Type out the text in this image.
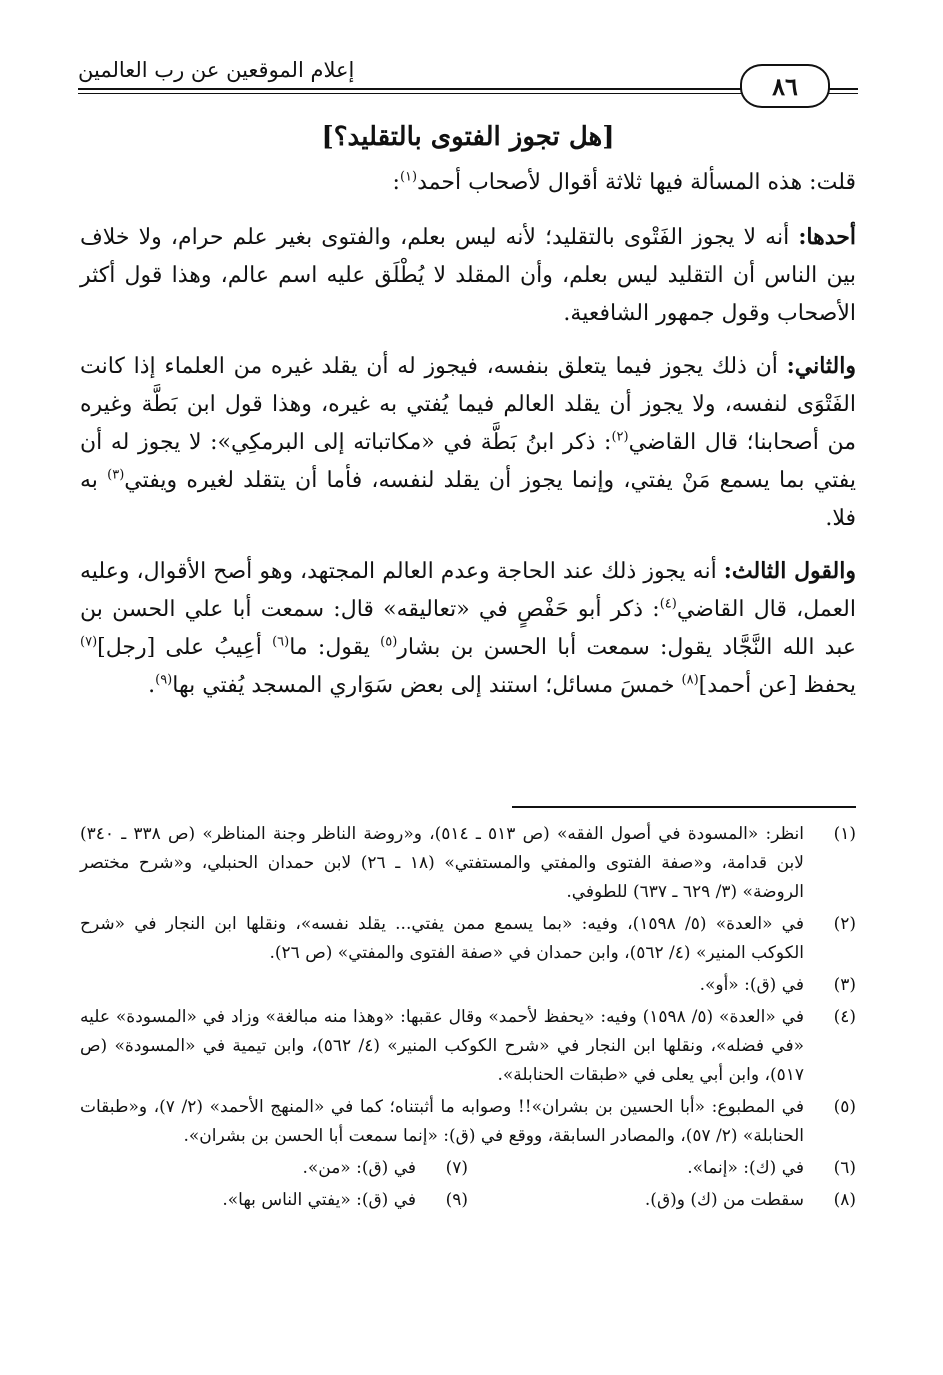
إعلام الموقعين عن رب العالمين
٨٦
[هل تجوز الفتوى بالتقليد؟]

قلت: هذه المسألة فيها ثلاثة أقوال لأصحاب أحمد$^{(١)}$:

أحدها: أنه لا يجوز الفَتْوى بالتقليد؛ لأنه ليس بعلم، والفتوى بغير علم حرام، ولا خلاف بين الناس أن التقليد ليس بعلم، وأن المقلد لا يُطْلَق عليه اسم عالم، وهذا قول أكثر الأصحاب وقول جمهور الشافعية.

والثاني: أن ذلك يجوز فيما يتعلق بنفسه، فيجوز له أن يقلد غيره من العلماء إذا كانت الفَتْوَى لنفسه، ولا يجوز أن يقلد العالم فيما يُفتي به غيره، وهذا قول ابن بَطَّة وغيره من أصحابنا؛ قال القاضي$^{(٢)}$: ذكر ابنُ بَطَّة في «مكاتباته إلى البرمكِي»: لا يجوز له أن يفتي بما يسمع مَنْ يفتي، وإنما يجوز أن يقلد لنفسه، فأما أن يتقلد لغيره ويفتي$^{(٣)}$ به فلا.

والقول الثالث: أنه يجوز ذلك عند الحاجة وعدم العالم المجتهد، وهو أصح الأقوال، وعليه العمل، قال القاضي$^{(٤)}$: ذكر أبو حَفْصٍ في «تعاليقه» قال: سمعت أبا علي الحسن بن عبد الله النَّجَّاد يقول: سمعت أبا الحسن بن بشار$^{(٥)}$ يقول: ما$^{(٦)}$ أعِيبُ على [رجل]$^{(٧)}$ يحفظ [عن أحمد]$^{(٨)}$ خمسَ مسائل؛ استند إلى بعض سَوَاري المسجد يُفتي بها$^{(٩)}$.

(١)
انظر: «المسودة في أصول الفقه» (ص ٥١٣ ـ ٥١٤)، و«روضة الناظر وجنة المناظر» (ص ٣٣٨ ـ ٣٤٠) لابن قدامة، و«صفة الفتوى والمفتي والمستفتي» (١٨ ـ ٢٦) لابن حمدان الحنبلي، و«شرح مختصر الروضة» (٣/ ٦٢٩ ـ ٦٣٧) للطوفي.
(٢)
في «العدة» (٥/ ١٥٩٨)، وفيه: «بما يسمع ممن يفتي... يقلد نفسه»، ونقلها ابن النجار في «شرح الكوكب المنير» (٤/ ٥٦٢)، وابن حمدان في «صفة الفتوى والمفتي» (ص ٢٦).
(٣)
في (ق): «أو».
(٤)
في «العدة» (٥/ ١٥٩٨) وفيه: «يحفظ لأحمد» وقال عقبها: «وهذا منه مبالغة» وزاد في «المسودة» عليه «في فضله»، ونقلها ابن النجار في «شرح الكوكب المنير» (٤/ ٥٦٢)، وابن تيمية في «المسودة» (ص ٥١٧)، وابن أبي يعلى في «طبقات الحنابلة».
(٥)
في المطبوع: «أبا الحسين بن بشران»!! وصوابه ما أثبتناه؛ كما في «المنهج الأحمد» (٢/ ٧)، و«طبقات الحنابلة» (٢/ ٥٧)، والمصادر السابقة، ووقع في (ق): «إنما سمعت أبا الحسن بن بشران».
(٦)
في (ك): «إنما».
(٧)
في (ق): «من».
(٨)
سقطت من (ك) و(ق).
(٩)
في (ق): «يفتي الناس بها».
